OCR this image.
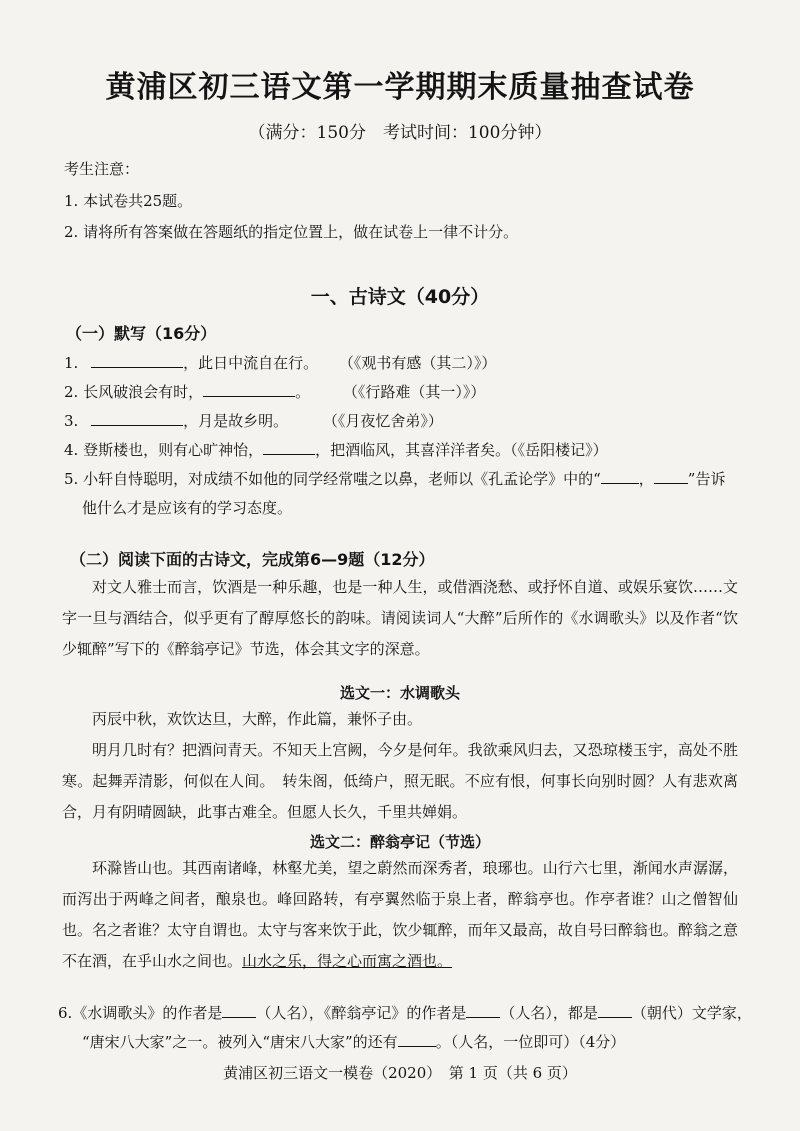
黄浦区初三语文第一学期期末质量抽查试卷
（满分：150分　考试时间：100分钟）
考生注意：
1. 本试卷共25题。
2. 请将所有答案做在答题纸的指定位置上，做在试卷上一律不计分。
一、古诗文（40分）
（一）默写（16分）
1.	，此日中流自在行。 （《观书有感（其二）》）
2. 长风破浪会有时，	。 （《行路难（其一）》）
3.	，月是故乡明。 （《月夜忆舍弟》）
4. 登斯楼也，则有心旷神怡，	，把酒临风，其喜洋洋者矣。（《岳阳楼记》）
5. 小轩自恃聪明，对成绩不如他的同学经常嗤之以鼻，老师以《孔孟论学》中的“	， ”告诉
他什么才是应该有的学习态度。
（二）阅读下面的古诗文，完成第6—9题（12分）
对文人雅士而言，饮酒是一种乐趣，也是一种人生，或借酒浇愁、或抒怀自道、或娱乐宴饮……文字一旦与酒结合，似乎更有了醇厚悠长的韵味。请阅读词人“大醉”后所作的《水调歌头》以及作者“饮少辄醉”写下的《醉翁亭记》节选，体会其文字的深意。
选文一：水调歌头
丙辰中秋，欢饮达旦，大醉，作此篇，兼怀子由。
明月几时有？把酒问青天。不知天上宫阙，今夕是何年。我欲乘风归去，又恐琼楼玉宇，高处不胜寒。起舞弄清影，何似在人间。　转朱阁，低绮户，照无眠。不应有恨，何事长向别时圆？人有悲欢离合，月有阴晴圆缺，此事古难全。但愿人长久，千里共婵娟。
选文二：醉翁亭记（节选）
环滁皆山也。其西南诸峰，林壑尤美，望之蔚然而深秀者，琅琊也。山行六七里，渐闻水声潺潺，而泻出于两峰之间者，酿泉也。峰回路转，有亭翼然临于泉上者，醉翁亭也。作亭者谁？山之僧智仙也。名之者谁？太守自谓也。太守与客来饮于此，饮少辄醉，而年又最高，故自号曰醉翁也。醉翁之意不在酒，在乎山水之间也。山水之乐，得之心而寓之酒也。
6.《水调歌头》的作者是 （人名），《醉翁亭记》的作者是 （人名），都是 （朝代）文学家，
“唐宋八大家”之一。被列入“唐宋八大家”的还有	。（人名，一位即可）（4分）
黄浦区初三语文一模卷（2020）　第 1 页（共 6 页）
